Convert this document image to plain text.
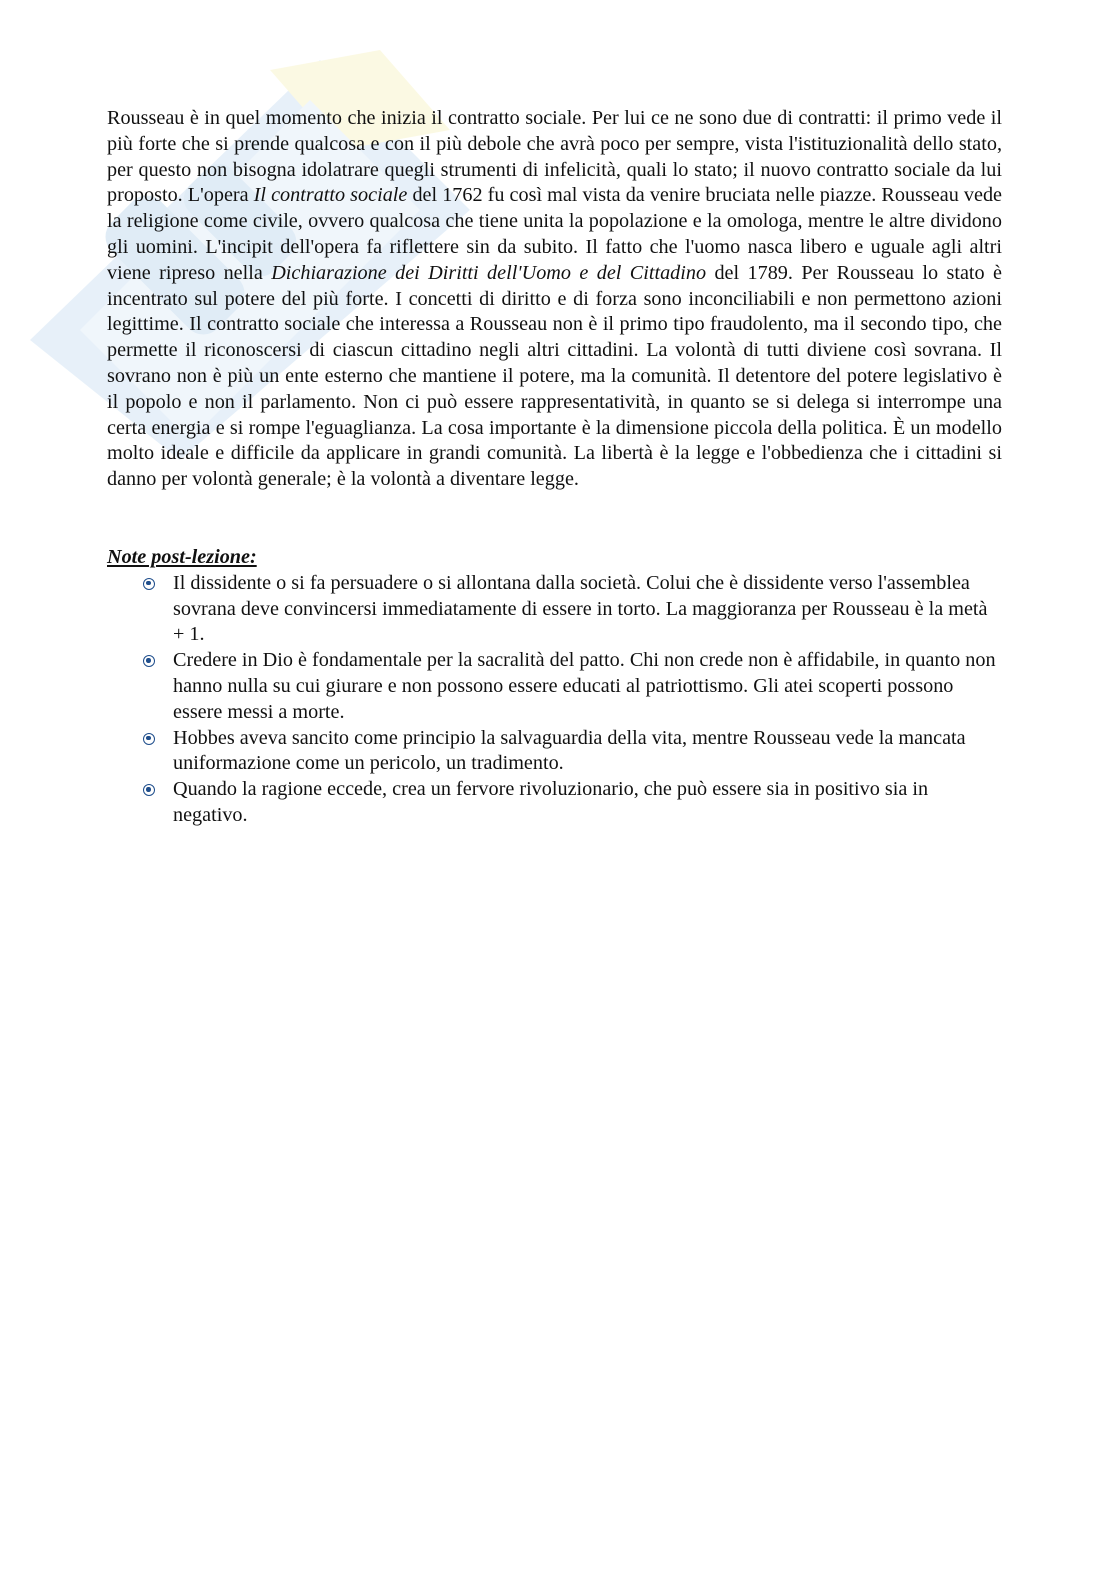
Rousseau è in quel momento che inizia il contratto sociale. Per lui ce ne sono due di contratti: il primo vede il più forte che si prende qualcosa e con il più debole che avrà poco per sempre, vista l'istituzionalità dello stato, per questo non bisogna idolatrare quegli strumenti di infelicità, quali lo stato; il nuovo contratto sociale da lui proposto. L'opera Il contratto sociale del 1762 fu così mal vista da venire bruciata nelle piazze. Rousseau vede la religione come civile, ovvero qualcosa che tiene unita la popolazione e la omologa, mentre le altre dividono gli uomini. L'incipit dell'opera fa riflettere sin da subito. Il fatto che l'uomo nasca libero e uguale agli altri viene ripreso nella Dichiarazione dei Diritti dell'Uomo e del Cittadino del 1789. Per Rousseau lo stato è incentrato sul potere del più forte. I concetti di diritto e di forza sono inconciliabili e non permettono azioni legittime. Il contratto sociale che interessa a Rousseau non è il primo tipo fraudolento, ma il secondo tipo, che permette il riconoscersi di ciascun cittadino negli altri cittadini. La volontà di tutti diviene così sovrana. Il sovrano non è più un ente esterno che mantiene il potere, ma la comunità. Il detentore del potere legislativo è il popolo e non il parlamento. Non ci può essere rappresentatività, in quanto se si delega si interrompe una certa energia e si rompe l'eguaglianza. La cosa importante è la dimensione piccola della politica. È un modello molto ideale e difficile da applicare in grandi comunità. La libertà è la legge e l'obbedienza che i cittadini si danno per volontà generale; è la volontà a diventare legge.

Note post-lezione:
Il dissidente o si fa persuadere o si allontana dalla società. Colui che è dissidente verso l'assemblea sovrana deve convincersi immediatamente di essere in torto. La maggioranza per Rousseau è la metà + 1.
Credere in Dio è fondamentale per la sacralità del patto. Chi non crede non è affidabile, in quanto non hanno nulla su cui giurare e non possono essere educati al patriottismo. Gli atei scoperti possono essere messi a morte.
Hobbes aveva sancito come principio la salvaguardia della vita, mentre Rousseau vede la mancata uniformazione come un pericolo, un tradimento.
Quando la ragione eccede, crea un fervore rivoluzionario, che può essere sia in positivo sia in negativo.
